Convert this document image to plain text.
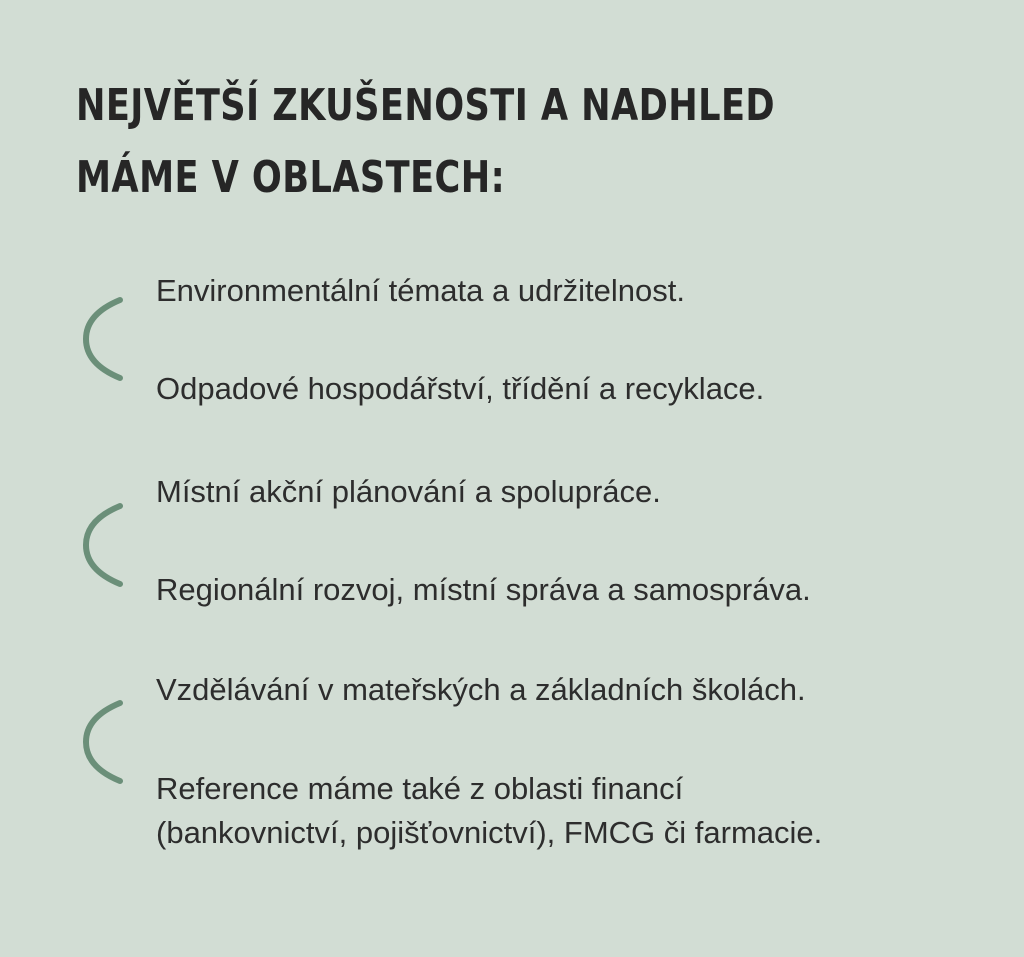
NEJVĚTŠÍ ZKUŠENOSTI A NADHLED
MÁME V OBLASTECH:

Environmentální témata a udržitelnost.

Odpadové hospodářství, třídění a recyklace.

Místní akční plánování a spolupráce.

Regionální rozvoj, místní správa a samospráva.

Vzdělávání v mateřských a základních školách.

Reference máme také z oblasti financí
(bankovnictví, pojišťovnictví), FMCG či farmacie.
